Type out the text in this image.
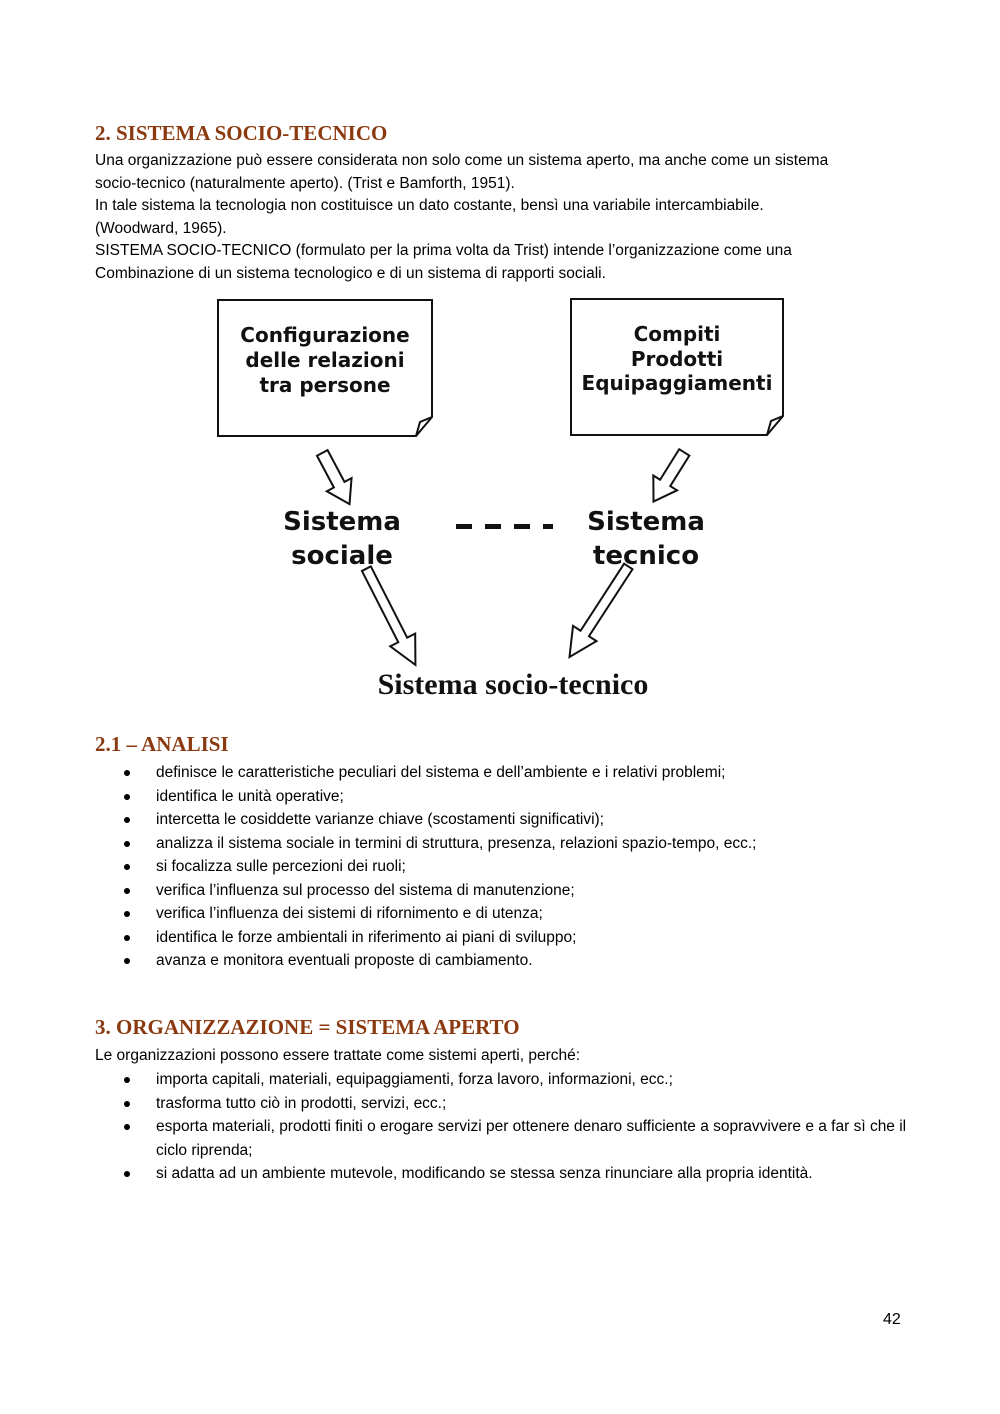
2. SISTEMA SOCIO-TECNICO
Una organizzazione può essere considerata non solo come un sistema aperto, ma anche come un sistema
socio-tecnico (naturalmente aperto). (Trist e Bamforth, 1951).
In tale sistema la tecnologia non costituisce un dato costante, bensì una variabile intercambiabile.
(Woodward, 1965).
SISTEMA SOCIO-TECNICO (formulato per la prima volta da Trist) intende l’organizzazione come una
Combinazione di un sistema tecnologico e di un sistema di rapporti sociali.
Configurazione
delle relazioni
tra persone
Compiti
Prodotti
Equipaggiamenti
Sistema
sociale
Sistema
tecnico
Sistema socio-tecnico
2.1 – ANALISI
definisce le caratteristiche peculiari del sistema e dell’ambiente e i relativi problemi;
identifica le unità operative;
intercetta le cosiddette varianze chiave (scostamenti significativi);
analizza il sistema sociale in termini di struttura, presenza, relazioni spazio-tempo, ecc.;
si focalizza sulle percezioni dei ruoli;
verifica l’influenza sul processo del sistema di manutenzione;
verifica l’influenza dei sistemi di rifornimento e di utenza;
identifica le forze ambientali in riferimento ai piani di sviluppo;
avanza e monitora eventuali proposte di cambiamento.
3. ORGANIZZAZIONE = SISTEMA APERTO
Le organizzazioni possono essere trattate come sistemi aperti, perché:
importa capitali, materiali, equipaggiamenti, forza lavoro, informazioni, ecc.;
trasforma tutto ciò in prodotti, servizi, ecc.;
esporta materiali, prodotti finiti o erogare servizi per ottenere denaro sufficiente a sopravvivere e a far sì che il ciclo riprenda;
si adatta ad un ambiente mutevole, modificando se stessa senza rinunciare alla propria identità.
42
